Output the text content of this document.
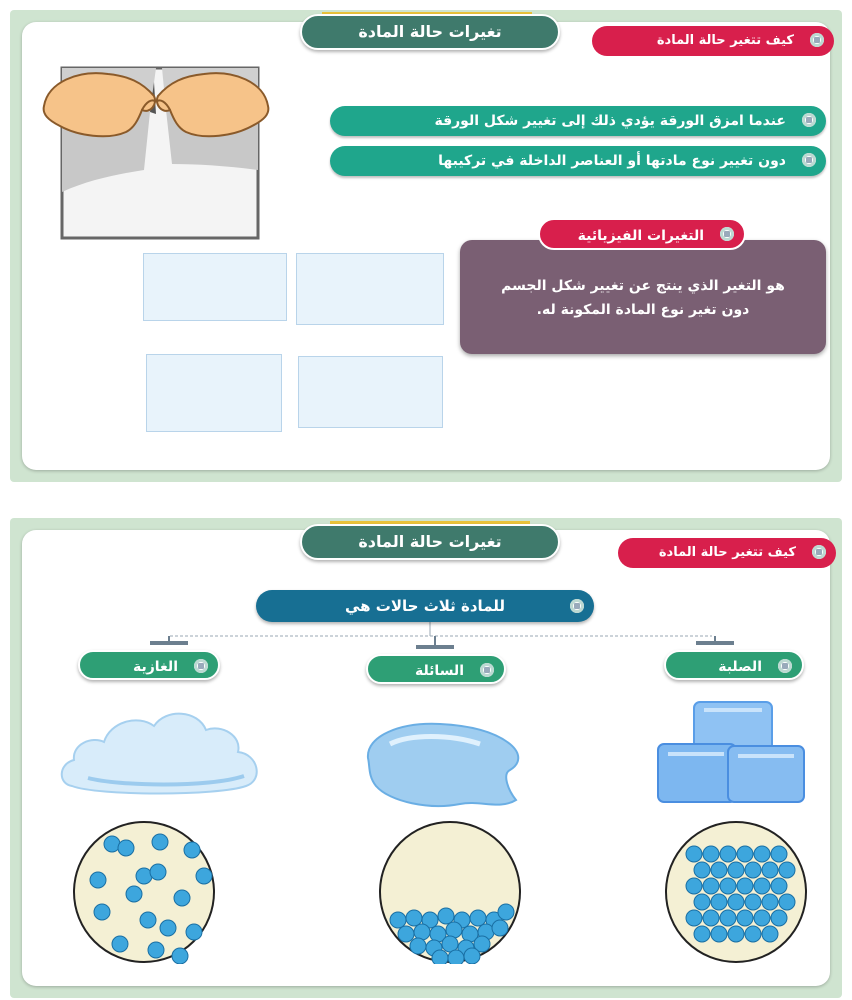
تغيرات حالة المادة	كيف تتغير حالة المادة
عندما امزق الورقة يؤدي ذلك إلى تغيير شكل الورقة
دون تغيير نوع مادتها أو العناصر الداخلة في تركيبها
هو التغير الذي ينتج عن تغيير شكل الجسم
دون تغير نوع المادة المكونة له.
التغيرات الفيزيائية
تغيرات حالة المادة
كيف تتغير حالة المادة
للمادة ثلاث حالات هي
الصلبة
السائلة
الغازية
